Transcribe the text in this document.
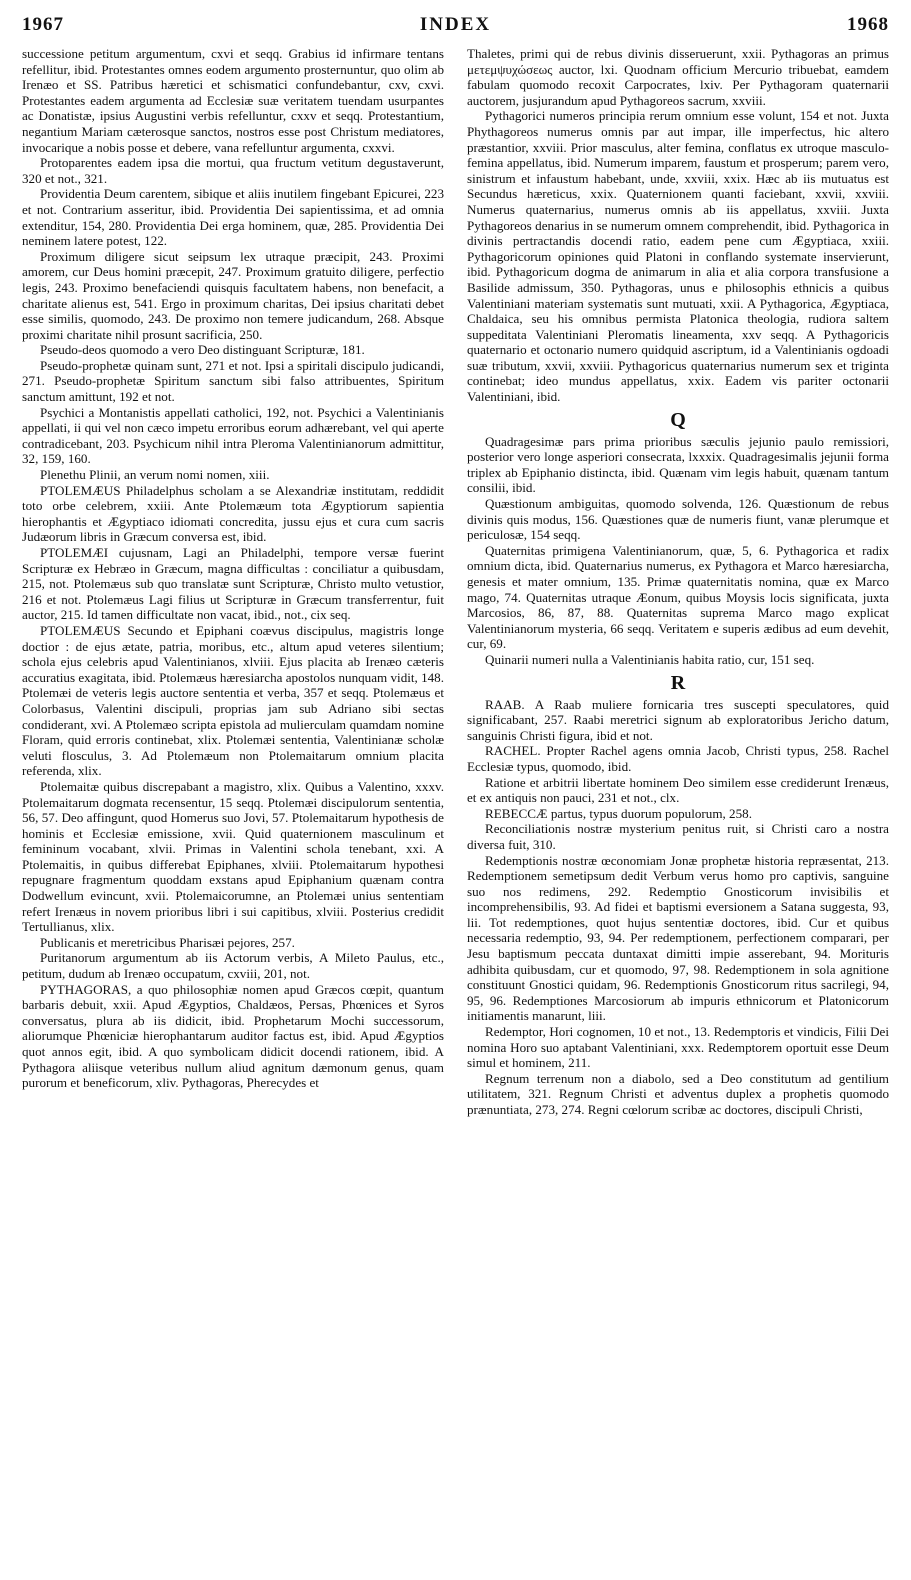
1967	INDEX	1968

successione petitum argumentum, cxvi et seqq. Grabius id infirmare tentans refellitur, ibid. Protestantes omnes eodem argumento prosternuntur, quo olim ab Irenæo et SS. Patribus hæretici et schismatici confundebantur, cxv, cxvi. Protestantes eadem argumenta ad Ecclesiæ suæ veritatem tuendam usurpantes ac Donatistæ, ipsius Augustini verbis refelluntur, cxxv et seqq. Protestantium, negantium Mariam cæterosque sanctos, nostros esse post Christum mediatores, invocarique a nobis posse et debere, vana refelluntur argumenta, cxxvi.

Protoparentes eadem ipsa die mortui, qua fructum vetitum degustaverunt, 320 et not., 321.

Providentia Deum carentem, sibique et aliis inutilem fingebant Epicurei, 223 et not. Contrarium asseritur, ibid. Providentia Dei sapientissima, et ad omnia extenditur, 154, 280. Providentia Dei erga hominem, quæ, 285. Providentia Dei neminem latere potest, 122.

Proximum diligere sicut seipsum lex utraque præcipit, 243. Proximi amorem, cur Deus homini præcepit, 247. Proximum gratuito diligere, perfectio legis, 243. Proximo benefaciendi quisquis facultatem habens, non benefacit, a charitate alienus est, 541. Ergo in proximum charitas, Dei ipsius charitati debet esse similis, quomodo, 243. De proximo non temere judicandum, 268. Absque proximi charitate nihil prosunt sacrificia, 250.

Pseudo-deos quomodo a vero Deo distinguant Scripturæ, 181.

Pseudo-prophetæ quinam sunt, 271 et not. Ipsi a spiritali discipulo judicandi, 271. Pseudo-prophetæ Spiritum sanctum sibi falso attribuentes, Spiritum sanctum amittunt, 192 et not.

Psychici a Montanistis appellati catholici, 192, not. Psychici a Valentinianis appellati, ii qui vel non cæco impetu erroribus eorum adhærebant, vel qui aperte contradicebant, 203. Psychicum nihil intra Pleroma Valentinianorum admittitur, 32, 159, 160.

Plenethu Plinii, an verum nomi nomen, xiii.

PTOLEMÆUS Philadelphus scholam a se Alexandriæ institutam, reddidit toto orbe celebrem, xxiii. Ante Ptolemæum tota Ægyptiorum sapientia hierophantis et Ægyptiaco idiomati concredita, jussu ejus et cura cum sacris Judæorum libris in Græcum conversa est, ibid.

PTOLEMÆI cujusnam, Lagi an Philadelphi, tempore versæ fuerint Scripturæ ex Hebræo in Græcum, magna difficultas : conciliatur a quibusdam, 215, not. Ptolemæus sub quo translatæ sunt Scripturæ, Christo multo vetustior, 216 et not. Ptolemæus Lagi filius ut Scripturæ in Græcum transferrentur, fuit auctor, 215. Id tamen difficultate non vacat, ibid., not., cix seq.

PTOLEMÆUS Secundo et Epiphani coævus discipulus, magistris longe doctior : de ejus ætate, patria, moribus, etc., altum apud veteres silentium; schola ejus celebris apud Valentinianos, xlviii. Ejus placita ab Irenæo cæteris accuratius exagitata, ibid. Ptolemæus hæresiarcha apostolos nunquam vidit, 148. Ptolemæi de veteris legis auctore sententia et verba, 357 et seqq. Ptolemæus et Colorbasus, Valentini discipuli, proprias jam sub Adriano sibi sectas condiderant, xvi. A Ptolemæo scripta epistola ad mulierculam quamdam nomine Floram, quid erroris continebat, xlix. Ptolemæi sententia, Valentinianæ scholæ veluti flosculus, 3. Ad Ptolemæum non Ptolemaitarum omnium placita referenda, xlix.

Ptolemaitæ quibus discrepabant a magistro, xlix. Quibus a Valentino, xxxv. Ptolemaitarum dogmata recensentur, 15 seqq. Ptolemæi discipulorum sententia, 56, 57. Deo affingunt, quod Homerus suo Jovi, 57. Ptolemaitarum hypothesis de hominis et Ecclesiæ emissione, xvii. Quid quaternionem masculinum et femininum vocabant, xlvii. Primas in Valentini schola tenebant, xxi. A Ptolemaitis, in quibus differebat Epiphanes, xlviii. Ptolemaitarum hypothesi repugnare fragmentum quoddam exstans apud Epiphanium quænam contra Dodwellum evincunt, xvii. Ptolemaicorumne, an Ptolemæi unius sententiam refert Irenæus in novem prioribus libri i sui capitibus, xlviii. Posterius credidit Tertullianus, xlix.

Publicanis et meretricibus Pharisæi pejores, 257.

Puritanorum argumentum ab iis Actorum verbis, A Mileto Paulus, etc., petitum, dudum ab Irenæo occupatum, cxviii, 201, not.

PYTHAGORAS, a quo philosophiæ nomen apud Græcos cœpit, quantum barbaris debuit, xxii. Apud Ægyptios, Chaldæos, Persas, Phœnices et Syros conversatus, plura ab iis didicit, ibid. Prophetarum Mochi successorum, aliorumque Phœniciæ hierophantarum auditor factus est, ibid. Apud Ægyptios quot annos egit, ibid. A quo symbolicam didicit docendi rationem, ibid. A Pythagora aliisque veteribus nullum aliud agnitum dæmonum genus, quam purorum et beneficorum, xliv. Pythagoras, Pherecydes et

Thaletes, primi qui de rebus divinis disseruerunt, xxii. Pythagoras an primus μετεμψυχώσεως auctor, lxi. Quodnam officium Mercurio tribuebat, eamdem fabulam quomodo recoxit Carpocrates, lxiv. Per Pythagoram quaternarii auctorem, jusjurandum apud Pythagoreos sacrum, xxviii.

Pythagorici numeros principia rerum omnium esse volunt, 154 et not. Juxta Phythagoreos numerus omnis par aut impar, ille imperfectus, hic altero præstantior, xxviii. Prior masculus, alter femina, conflatus ex utroque masculo-femina appellatus, ibid. Numerum imparem, faustum et prosperum; parem vero, sinistrum et infaustum habebant, unde, xxviii, xxix. Hæc ab iis mutuatus est Secundus hæreticus, xxix. Quaternionem quanti faciebant, xxvii, xxviii. Numerus quaternarius, numerus omnis ab iis appellatus, xxviii. Juxta Pythagoreos denarius in se numerum omnem comprehendit, ibid. Pythagorica in divinis pertractandis docendi ratio, eadem pene cum Ægyptiaca, xxiii. Pythagoricorum opiniones quid Platoni in conflando systemate inservierunt, ibid. Pythagoricum dogma de animarum in alia et alia corpora transfusione a Basilide admissum, 350. Pythagoras, unus e philosophis ethnicis a quibus Valentiniani materiam systematis sunt mutuati, xxii. A Pythagorica, Ægyptiaca, Chaldaica, seu his omnibus permista Platonica theologia, rudiora saltem suppeditata Valentiniani Pleromatis lineamenta, xxv seqq. A Pythagoricis quaternario et octonario numero quidquid ascriptum, id a Valentinianis ogdoadi suæ tributum, xxvii, xxviii. Pythagoricus quaternarius numerum sex et triginta continebat; ideo mundus appellatus, xxix. Eadem vis pariter octonarii Valentiniani, ibid.

Q

Quadragesimæ pars prima prioribus sæculis jejunio paulo remissiori, posterior vero longe asperiori consecrata, lxxxix. Quadragesimalis jejunii forma triplex ab Epiphanio distincta, ibid. Quænam vim legis habuit, quænam tantum consilii, ibid.

Quæstionum ambiguitas, quomodo solvenda, 126. Quæstionum de rebus divinis quis modus, 156. Quæstiones quæ de numeris fiunt, vanæ plerumque et periculosæ, 154 seqq.

Quaternitas primigena Valentinianorum, quæ, 5, 6. Pythagorica et radix omnium dicta, ibid. Quaternarius numerus, ex Pythagora et Marco hæresiarcha, genesis et mater omnium, 135. Primæ quaternitatis nomina, quæ ex Marco mago, 74. Quaternitas utraque Æonum, quibus Moysis locis significata, juxta Marcosios, 86, 87, 88. Quaternitas suprema Marco mago explicat Valentinianorum mysteria, 66 seqq. Veritatem e superis ædibus ad eum devehit, cur, 69.

Quinarii numeri nulla a Valentinianis habita ratio, cur, 151 seq.

R

RAAB. A Raab muliere fornicaria tres suscepti speculatores, quid significabant, 257. Raabi meretrici signum ab exploratoribus Jericho datum, sanguinis Christi figura, ibid et not.

RACHEL. Propter Rachel agens omnia Jacob, Christi typus, 258. Rachel Ecclesiæ typus, quomodo, ibid.

Ratione et arbitrii libertate hominem Deo similem esse crediderunt Irenæus, et ex antiquis non pauci, 231 et not., clx.

REBECCÆ partus, typus duorum populorum, 258.

Reconciliationis nostræ mysterium penitus ruit, si Christi caro a nostra diversa fuit, 310.

Redemptionis nostræ œconomiam Jonæ prophetæ historia repræsentat, 213. Redemptionem semetipsum dedit Verbum verus homo pro captivis, sanguine suo nos redimens, 292. Redemptio Gnosticorum invisibilis et incomprehensibilis, 93. Ad fidei et baptismi eversionem a Satana suggesta, 93, lii. Tot redemptiones, quot hujus sententiæ doctores, ibid. Cur et quibus necessaria redemptio, 93, 94. Per redemptionem, perfectionem comparari, per Jesu baptismum peccata duntaxat dimitti impie asserebant, 94. Morituris adhibita quibusdam, cur et quomodo, 97, 98. Redemptionem in sola agnitione constituunt Gnostici quidam, 96. Redemptionis Gnosticorum ritus sacrilegi, 94, 95, 96. Redemptiones Marcosiorum ab impuris ethnicorum et Platonicorum initiamentis manarunt, liii.

Redemptor, Hori cognomen, 10 et not., 13. Redemptoris et vindicis, Filii Dei nomina Horo suo aptabant Valentiniani, xxx. Redemptorem oportuit esse Deum simul et hominem, 211.

Regnum terrenum non a diabolo, sed a Deo constitutum ad gentilium utilitatem, 321. Regnum Christi et adventus duplex a prophetis quomodo prænuntiata, 273, 274. Regni cœlorum scribæ ac doctores, discipuli Christi,
